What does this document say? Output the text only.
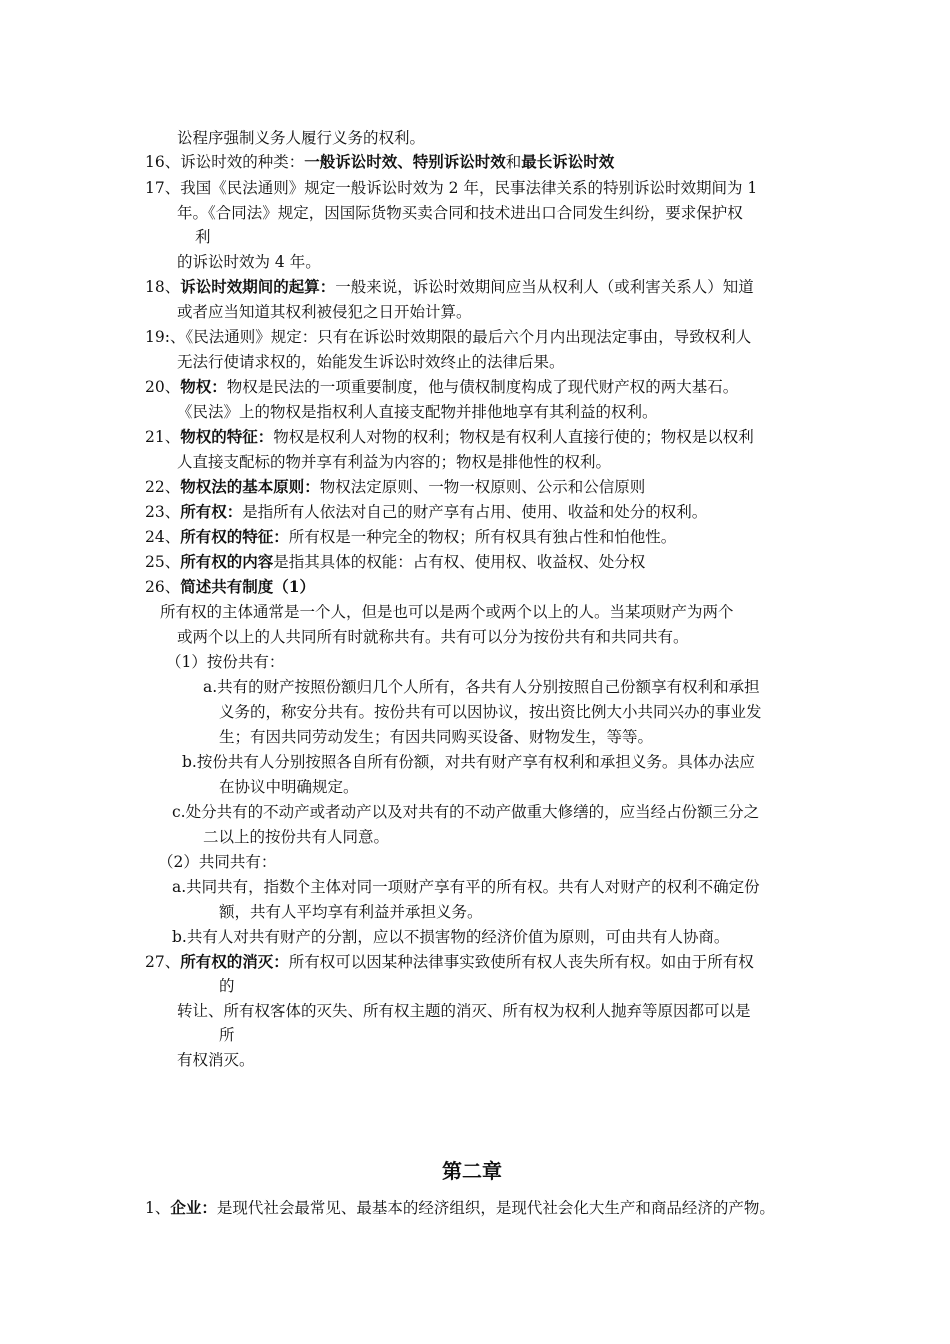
讼程序强制义务人履行义务的权利。
16、诉讼时效的种类：一般诉讼时效、特别诉讼时效和最长诉讼时效
17、我国《民法通则》规定一般诉讼时效为 2 年，民事法律关系的特别诉讼时效期间为 1
年。《合同法》规定，因国际货物买卖合同和技术进出口合同发生纠纷，要求保护权
利
的诉讼时效为 4 年。
18、诉讼时效期间的起算：一般来说，诉讼时效期间应当从权利人（或利害关系人）知道
或者应当知道其权利被侵犯之日开始计算。
19:、《民法通则》规定：只有在诉讼时效期限的最后六个月内出现法定事由，导致权利人
无法行使请求权的，始能发生诉讼时效终止的法律后果。
20、物权：物权是民法的一项重要制度，他与债权制度构成了现代财产权的两大基石。
《民法》上的物权是指权利人直接支配物并排他地享有其利益的权利。
21、物权的特征：物权是权利人对物的权利；物权是有权利人直接行使的；物权是以权利
人直接支配标的物并享有利益为内容的；物权是排他性的权利。
22、物权法的基本原则：物权法定原则、一物一权原则、公示和公信原则
23、所有权：是指所有人依法对自己的财产享有占用、使用、收益和处分的权利。
24、所有权的特征：所有权是一种完全的物权；所有权具有独占性和怕他性。
25、所有权的内容是指其具体的权能：占有权、使用权、收益权、处分权
26、简述共有制度（1）
所有权的主体通常是一个人，但是也可以是两个或两个以上的人。当某项财产为两个
或两个以上的人共同所有时就称共有。共有可以分为按份共有和共同共有。
（1）按份共有：
a.共有的财产按照份额归几个人所有，各共有人分别按照自己份额享有权利和承担
义务的，称安分共有。按份共有可以因协议，按出资比例大小共同兴办的事业发
生；有因共同劳动发生；有因共同购买设备、财物发生，等等。
b.按份共有人分别按照各自所有份额，对共有财产享有权利和承担义务。具体办法应
在协议中明确规定。
c.处分共有的不动产或者动产以及对共有的不动产做重大修缮的，应当经占份额三分之
二以上的按份共有人同意。
（2）共同共有：
a.共同共有，指数个主体对同一项财产享有平的所有权。共有人对财产的权利不确定份
额，共有人平均享有利益并承担义务。
b.共有人对共有财产的分割，应以不损害物的经济价值为原则，可由共有人协商。
27、所有权的消灭：所有权可以因某种法律事实致使所有权人丧失所有权。如由于所有权
的
转让、所有权客体的灭失、所有权主题的消灭、所有权为权利人抛弃等原因都可以是
所
有权消灭。
第二章
1、企业：是现代社会最常见、最基本的经济组织，是现代社会化大生产和商品经济的产物。
